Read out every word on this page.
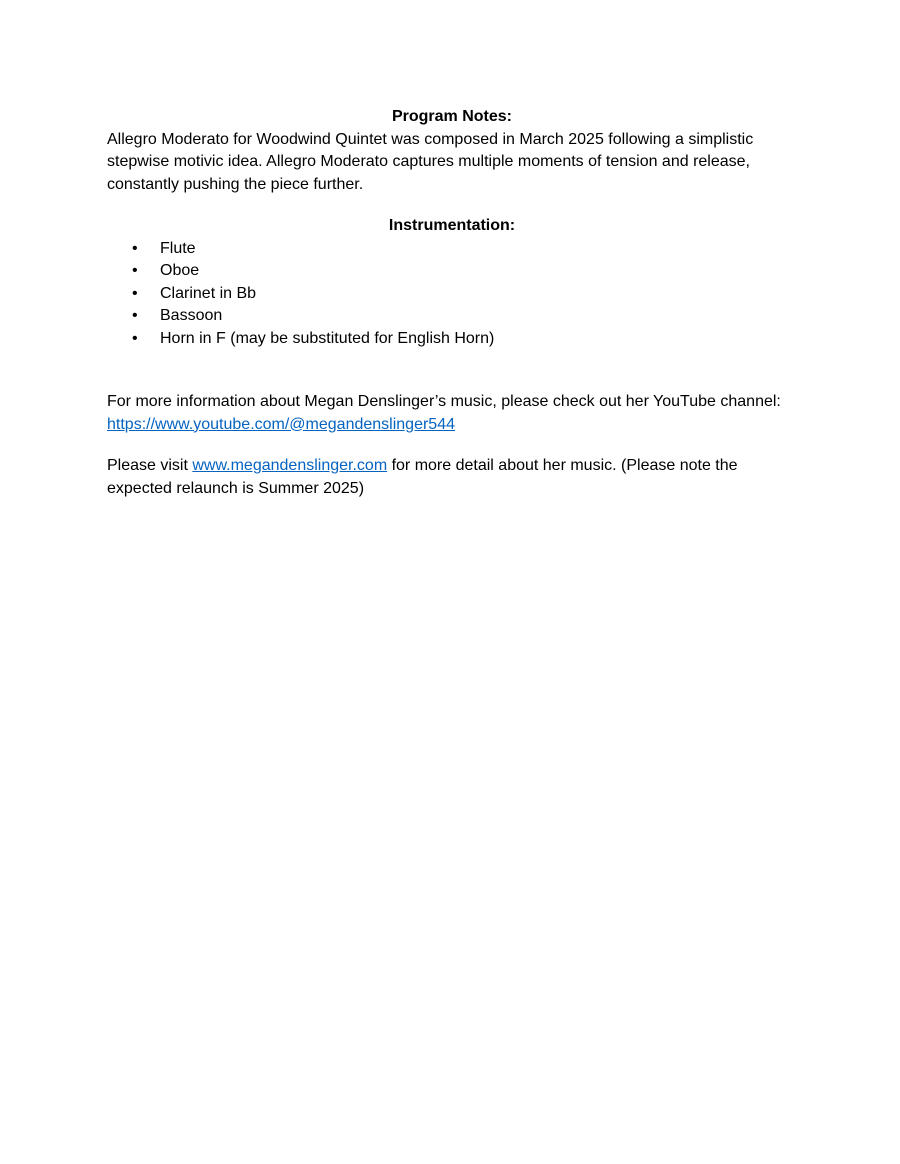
Program Notes:

Allegro Moderato for Woodwind Quintet was composed in March 2025 following a simplistic stepwise motivic idea. Allegro Moderato captures multiple moments of tension and release, constantly pushing the piece further.

Instrumentation:

•	Flute
•	Oboe
•	Clarinet in Bb
•	Bassoon
•	Horn in F (may be substituted for English Horn)

For more information about Megan Denslinger’s music, please check out her YouTube channel:
https://www.youtube.com/@megandenslinger544

Please visit www.megandenslinger.com for more detail about her music. (Please note the expected relaunch is Summer 2025)
